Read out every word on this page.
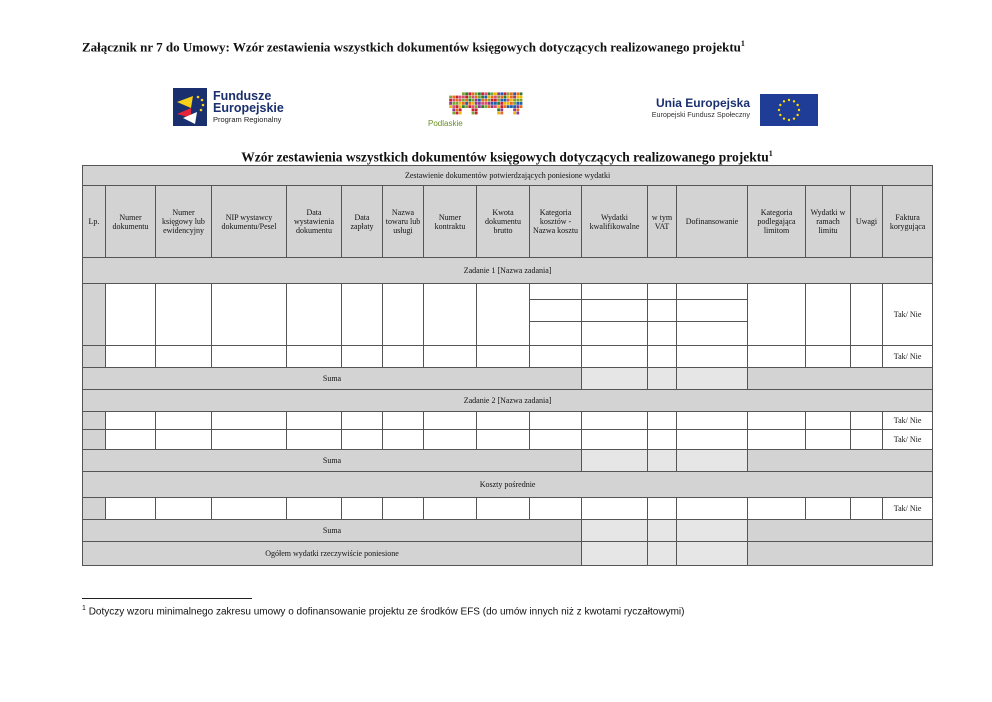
Załącznik nr 7 do Umowy: Wzór zestawienia wszystkich dokumentów księgowych dotyczących realizowanego projektu$^1$
Fundusze
Europejskie
Program Regionalny	Podlaskie
Unia Europejska
Europejski Fundusz Społeczny
Wzór zestawienia wszystkich dokumentów księgowych dotyczących realizowanego projektu$^1$
Zestawienie dokumentów potwierdzających poniesione wydatki																
Lp.	Numer dokumentu	Numer księgowy lub ewidencyjny	NIP wystawcy dokumentu/Pesel	Data wystawienia dokumentu	Data zapłaty	Nazwa towaru lub usługi	Numer kontraktu	Kwota dokumentu brutto	Kategoria kosztów - Nazwa kosztu	Wydatki kwalifikowalne	w tym VAT	Dofinansowanie	Kategoria podlegająca limitom	Wydatki w ramach limitu	Uwagi	Faktura korygująca
Zadanie 1 [Nazwa zadania]																
																Tak/ Nie

																Tak/ Nie
Suma																
Zadanie 2 [Nazwa zadania]																
																Tak/ Nie
																Tak/ Nie
Suma																
Koszty pośrednie																
																Tak/ Nie
Suma																
Ogółem wydatki rzeczywiście poniesione																
$^1$ Dotyczy wzoru minimalnego zakresu umowy o dofinansowanie projektu ze środków EFS (do umów innych niż z kwotami ryczałtowymi)
